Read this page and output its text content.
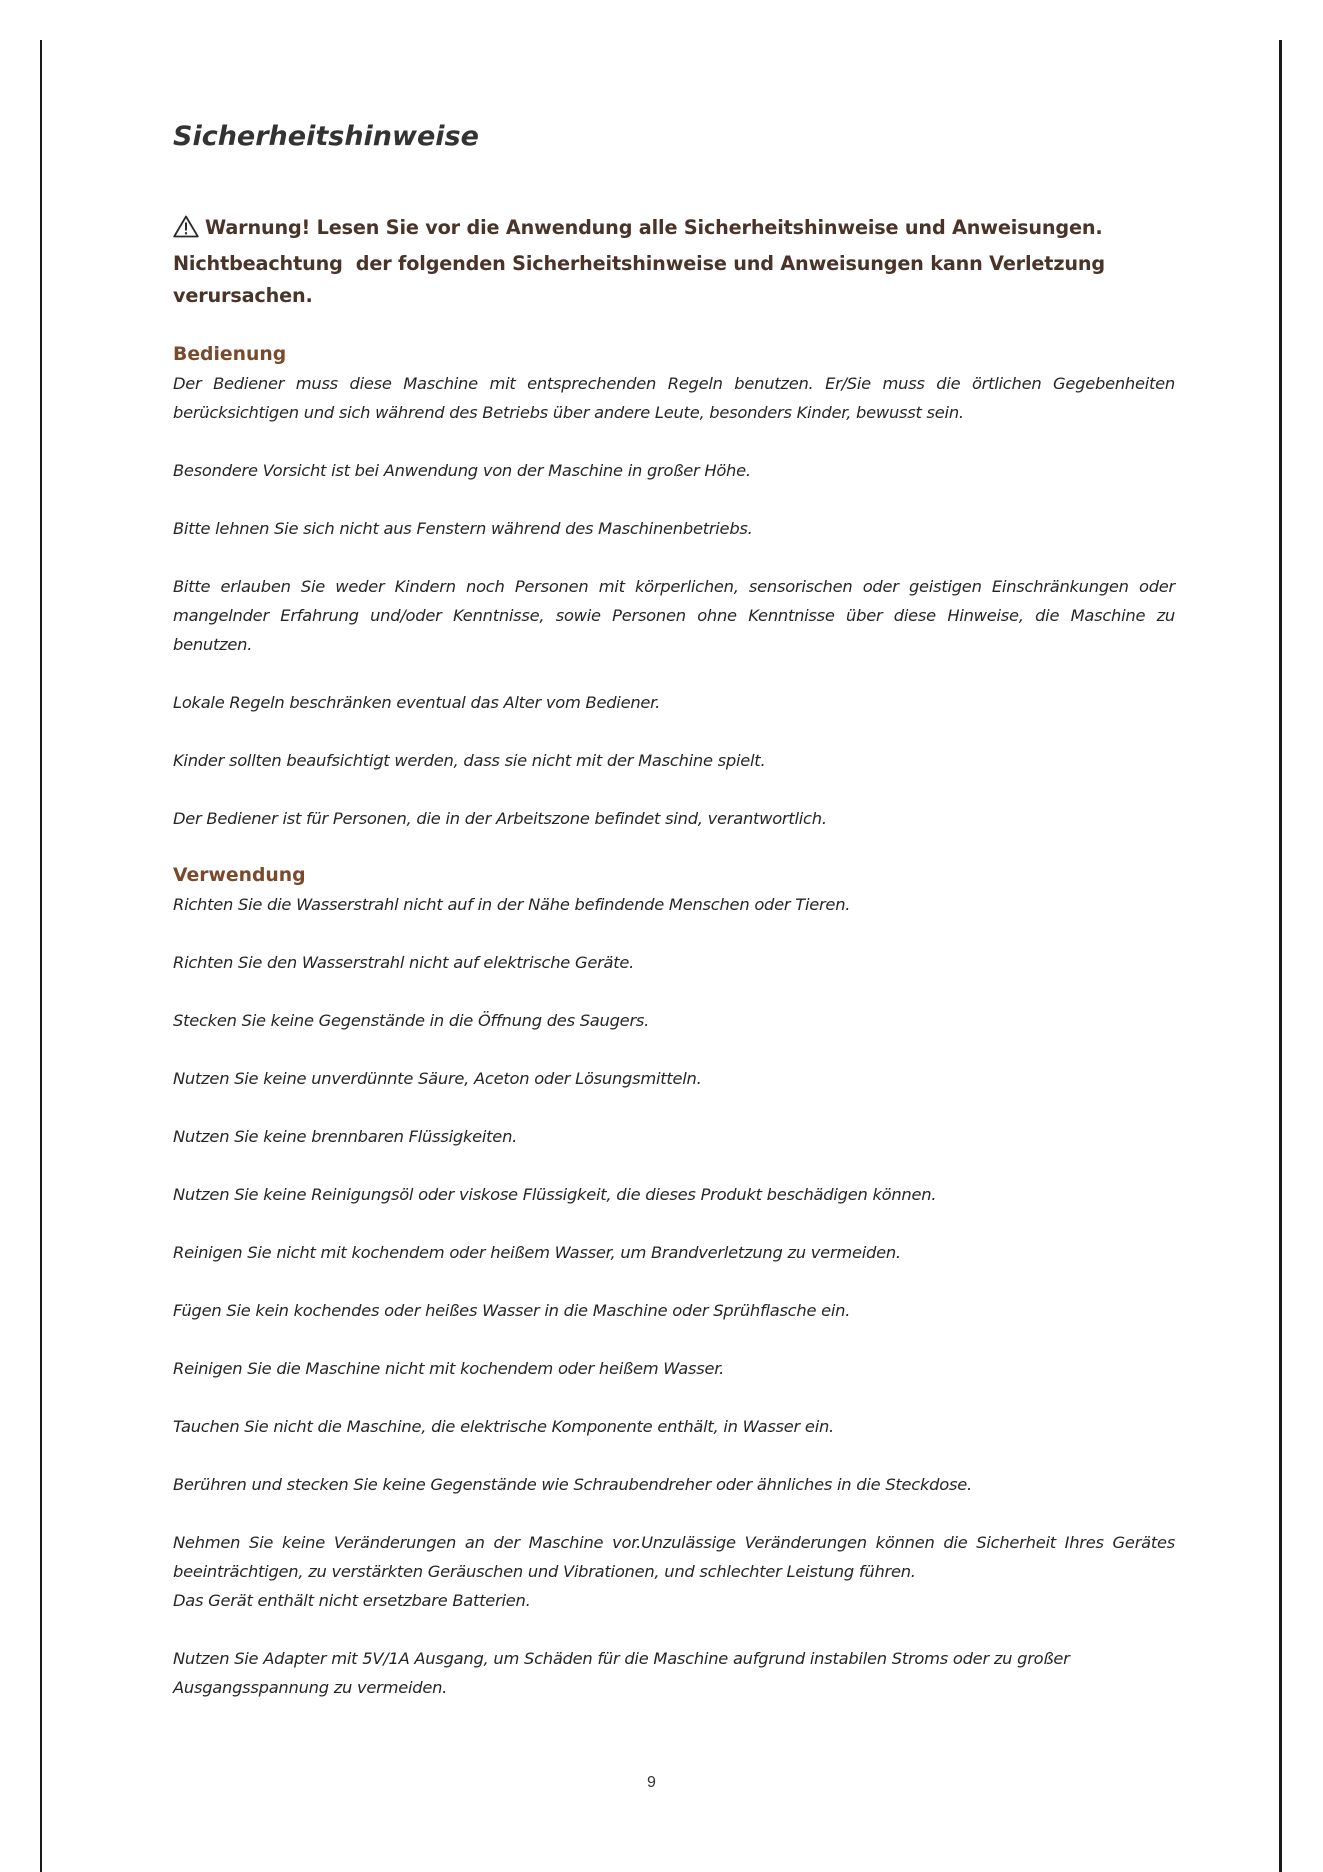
Sicherheitshinweise
Warnung! Lesen Sie vor die Anwendung alle Sicherheitshinweise und Anweisungen.
Nichtbeachtung  der folgenden Sicherheitshinweise und Anweisungen kann Verletzung
verursachen.
Bedienung

Der Bediener muss diese Maschine mit entsprechenden Regeln benutzen. Er/Sie muss die örtlichen Gegebenheiten berücksichtigen und sich während des Betriebs über andere Leute, besonders Kinder, bewusst sein.

Besondere Vorsicht ist bei Anwendung von der Maschine in großer Höhe.

Bitte lehnen Sie sich nicht aus Fenstern während des Maschinenbetriebs.

Bitte erlauben Sie weder Kindern noch Personen mit körperlichen, sensorischen oder geistigen Einschränkungen oder mangelnder Erfahrung und/oder Kenntnisse, sowie Personen ohne Kenntnisse über diese Hinweise, die Maschine zu benutzen.

Lokale Regeln beschränken eventual das Alter vom Bediener.

Kinder sollten beaufsichtigt werden, dass sie nicht mit der Maschine spielt.

Der Bediener ist für Personen, die in der Arbeitszone befindet sind, verantwortlich.

Verwendung

Richten Sie die Wasserstrahl nicht auf in der Nähe befindende Menschen oder Tieren.

Richten Sie den Wasserstrahl nicht auf elektrische Geräte.

Stecken Sie keine Gegenstände in die Öffnung des Saugers.

Nutzen Sie keine unverdünnte Säure, Aceton oder Lösungsmitteln.

Nutzen Sie keine brennbaren Flüssigkeiten.

Nutzen Sie keine Reinigungsöl oder viskose Flüssigkeit, die dieses Produkt beschädigen können.

Reinigen Sie nicht mit kochendem oder heißem Wasser, um Brandverletzung zu vermeiden.

Fügen Sie kein kochendes oder heißes Wasser in die Maschine oder Sprühflasche ein.

Reinigen Sie die Maschine nicht mit kochendem oder heißem Wasser.

Tauchen Sie nicht die Maschine, die elektrische Komponente enthält, in Wasser ein.

Berühren und stecken Sie keine Gegenstände wie Schraubendreher oder ähnliches in die Steckdose.

Nehmen Sie keine Veränderungen an der Maschine vor.Unzulässige Veränderungen können die Sicherheit Ihres Gerätes beeinträchtigen, zu verstärkten Geräuschen und Vibrationen, und schlechter Leistung führen.

Das Gerät enthält nicht ersetzbare Batterien.

Nutzen Sie Adapter mit 5V/1A Ausgang, um Schäden für die Maschine aufgrund instabilen Stroms oder zu großer Ausgangsspannung zu vermeiden.

9
